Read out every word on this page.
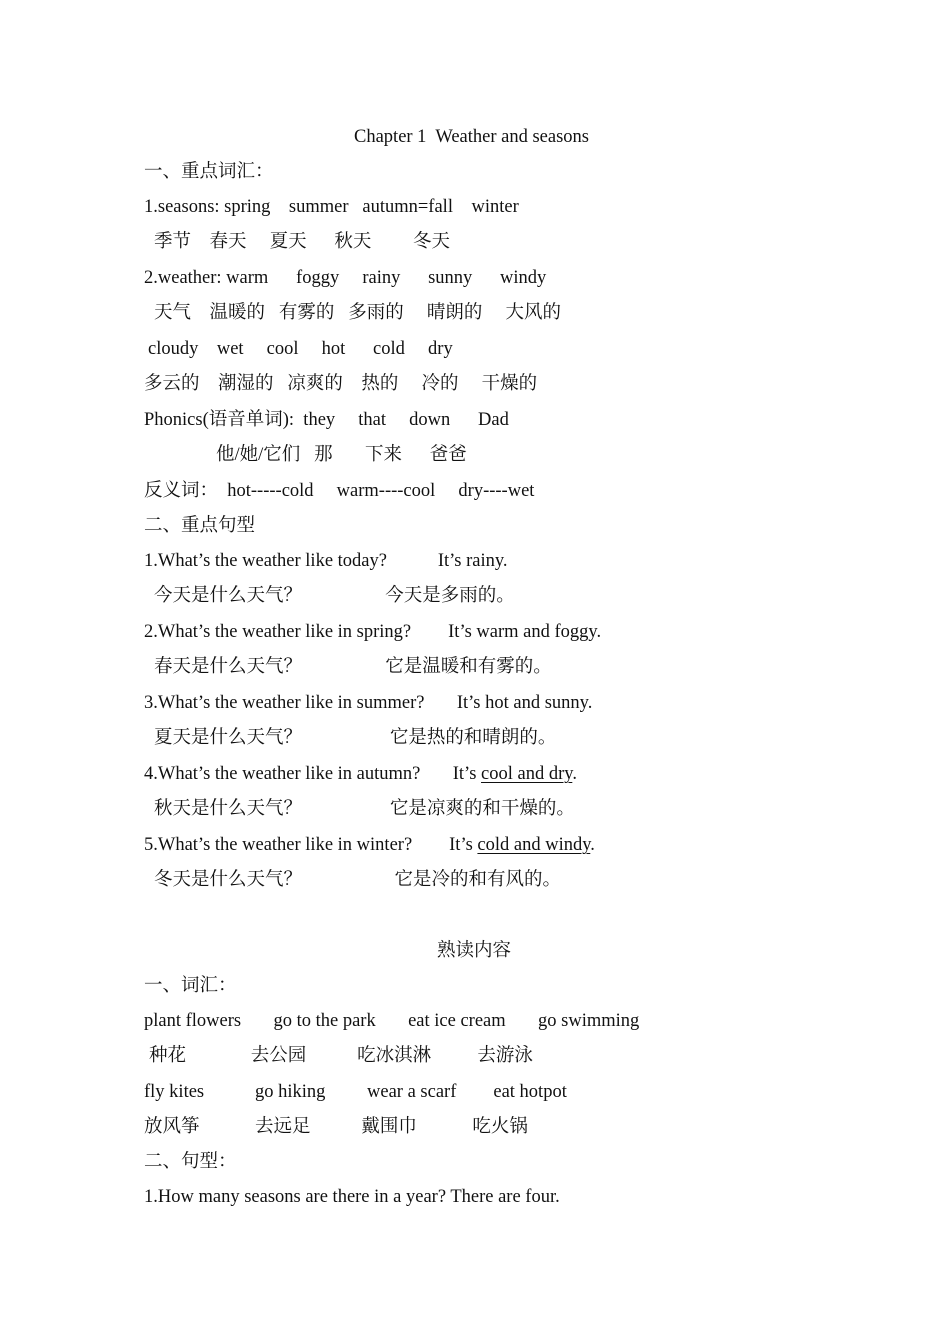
Chapter 1  Weather and seasons
一、重点词汇：
1.seasons: spring    summer   autumn=fall    winter
季节    春天     夏天      秋天         冬天
2.weather: warm      foggy     rainy      sunny      windy
天气    温暖的   有雾的   多雨的     晴朗的     大风的
cloudy    wet     cool     hot      cold     dry
多云的    潮湿的   凉爽的    热的     冷的     干燥的
Phonics(语音单词):  they     that     down      Dad
他/她/它们   那       下来      爸爸
反义词：  hot-----cold     warm----cool     dry----wet
二、重点句型
1.What’s the weather like today?           It’s rainy.
今天是什么天气？                  今天是多雨的。
2.What’s the weather like in spring?        It’s warm and foggy.
春天是什么天气？                  它是温暖和有雾的。
3.What’s the weather like in summer?       It’s hot and sunny.
夏天是什么天气？                   它是热的和晴朗的。
4.What’s the weather like in autumn?       It’s cool and dry.
秋天是什么天气？                   它是凉爽的和干燥的。
5.What’s the weather like in winter?        It’s cold and windy.
冬天是什么天气？                    它是冷的和有风的。
熟读内容
一、词汇：
plant flowers       go to the park       eat ice cream       go swimming
种花              去公园           吃冰淇淋          去游泳
fly kites           go hiking         wear a scarf        eat hotpot
放风筝            去远足           戴围巾            吃火锅
二、句型：
1.How many seasons are there in a year? There are four.
